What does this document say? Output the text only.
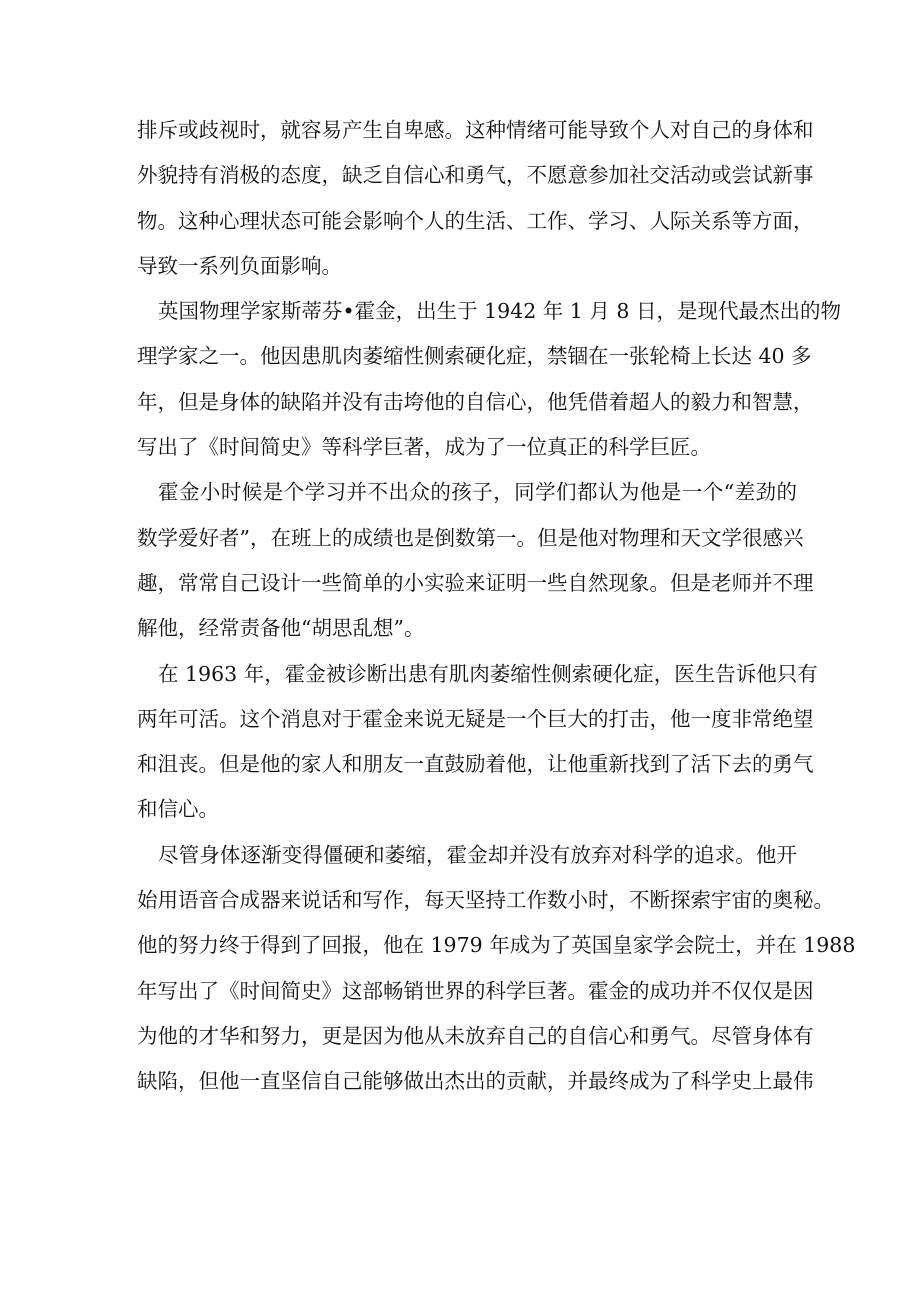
排斥或歧视时，就容易产生自卑感。这种情绪可能导致个人对自己的身体和
外貌持有消极的态度，缺乏自信心和勇气，不愿意参加社交活动或尝试新事
物。这种心理状态可能会影响个人的生活、工作、学习、人际关系等方面，
导致一系列负面影响。
英国物理学家斯蒂芬•霍金，出生于 1942 年 1 月 8 日，是现代最杰出的物
理学家之一。他因患肌肉萎缩性侧索硬化症，禁锢在一张轮椅上长达 40 多
年，但是身体的缺陷并没有击垮他的自信心，他凭借着超人的毅力和智慧，
写出了《时间简史》等科学巨著，成为了一位真正的科学巨匠。
霍金小时候是个学习并不出众的孩子，同学们都认为他是一个“差劲的
数学爱好者”，在班上的成绩也是倒数第一。但是他对物理和天文学很感兴
趣，常常自己设计一些简单的小实验来证明一些自然现象。但是老师并不理
解他，经常责备他“胡思乱想”。
在 1963 年，霍金被诊断出患有肌肉萎缩性侧索硬化症，医生告诉他只有
两年可活。这个消息对于霍金来说无疑是一个巨大的打击，他一度非常绝望
和沮丧。但是他的家人和朋友一直鼓励着他，让他重新找到了活下去的勇气
和信心。
尽管身体逐渐变得僵硬和萎缩，霍金却并没有放弃对科学的追求。他开
始用语音合成器来说话和写作，每天坚持工作数小时，不断探索宇宙的奥秘。
他的努力终于得到了回报，他在 1979 年成为了英国皇家学会院士，并在 1988
年写出了《时间简史》这部畅销世界的科学巨著。霍金的成功并不仅仅是因
为他的才华和努力，更是因为他从未放弃自己的自信心和勇气。尽管身体有
缺陷，但他一直坚信自己能够做出杰出的贡献，并最终成为了科学史上最伟
